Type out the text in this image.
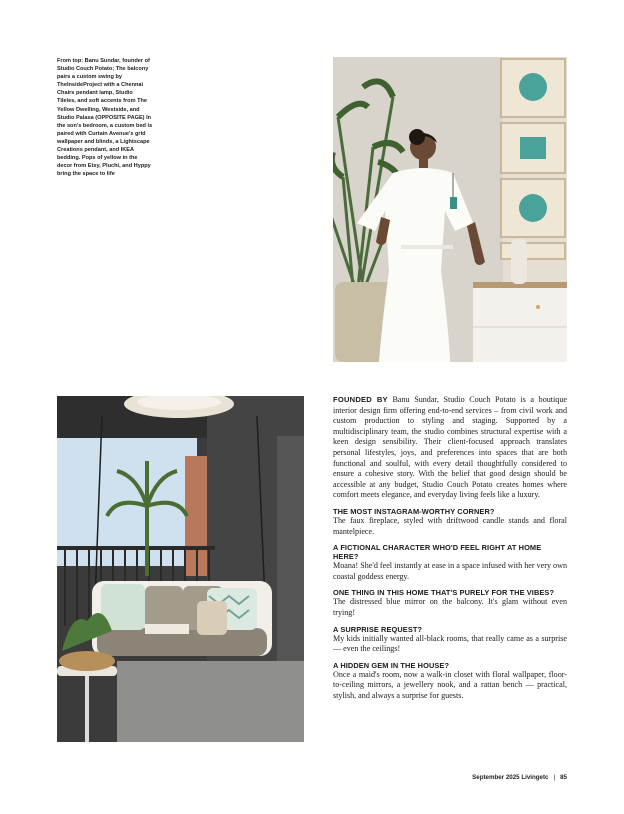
From top: Banu Sundar, founder of Studio Couch Potato; The balcony pairs a custom swing by TheInsideProject with a Chennai Chairs pendant lamp, Studio Tileles, and soft accents from The Yellow Dwelling, Westside, and Studio Palasa (OPPOSITE PAGE) In the son's bedroom, a custom bed is paired with Curtain Avenue's grid wallpaper and blinds, a Lightscape Creations pendant, and IKEA bedding. Pops of yellow in the decor from Etsy, Pluchi, and Hyppy bring the space to life

FOUNDED BY Banu Sundar, Studio Couch Potato is a boutique interior design firm offering end-to-end services – from civil work and custom production to styling and staging. Supported by a multidisciplinary team, the studio combines structural expertise with a keen design sensibility. Their client-focused approach translates personal lifestyles, joys, and preferences into spaces that are both functional and soulful, with every detail thoughtfully considered to ensure a cohesive story. With the belief that good design should be accessible at any budget, Studio Couch Potato creates homes where comfort meets elegance, and everyday living feels like a luxury.

THE MOST INSTAGRAM-WORTHY CORNER?

The faux fireplace, styled with driftwood candle stands and floral mantelpiece.

A FICTIONAL CHARACTER WHO'D FEEL RIGHT AT HOME HERE?

Moana! She'd feel instantly at ease in a space infused with her very own coastal goddess energy.

ONE THING IN THIS HOME THAT'S PURELY FOR THE VIBES?

The distressed blue mirror on the balcony. It's glam without even trying!

A SURPRISE REQUEST?

My kids initially wanted all-black rooms, that really came as a surprise — even the ceilings!

A HIDDEN GEM IN THE HOUSE?

Once a maid's room, now a walk-in closet with floral wallpaper, floor-to-ceiling mirrors, a jewellery nook, and a rattan bench — practical, stylish, and always a surprise for guests.

September 2025 Livingetc | 85
